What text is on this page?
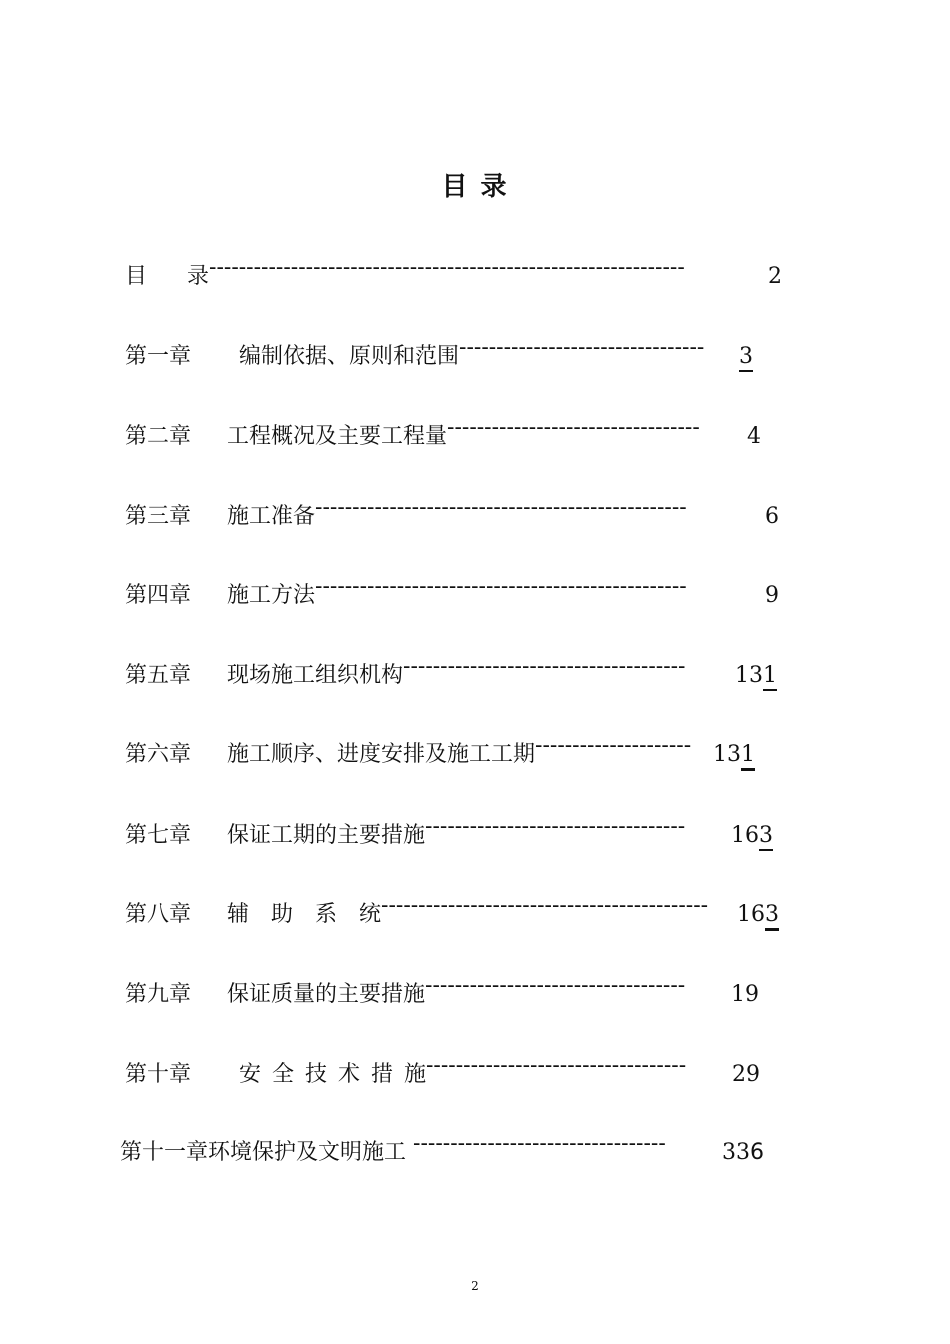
目 录
目 录----------------------------------------------------------------	2
第一章 编制依据、原则和范围--------------------------------- 3
第二章 工程概况及主要工程量---------------------------------- 4
第三章 施工准备--------------------------------------------------	6
第四章 施工方法--------------------------------------------------	9
第五章 现场施工组织机构-------------------------------------- 131
第六章 施工顺序、进度安排及施工工期--------------------- 131
第七章 保证工期的主要措施----------------------------------- 163
第八章 辅　助　系　统-------------------------------------------- 163
第九章 保证质量的主要措施----------------------------------- 19
第十章 安 全 技 术 措 施----------------------------------- 29
第十一章环境保护及文明施工 ---------------------------------- 336
2
